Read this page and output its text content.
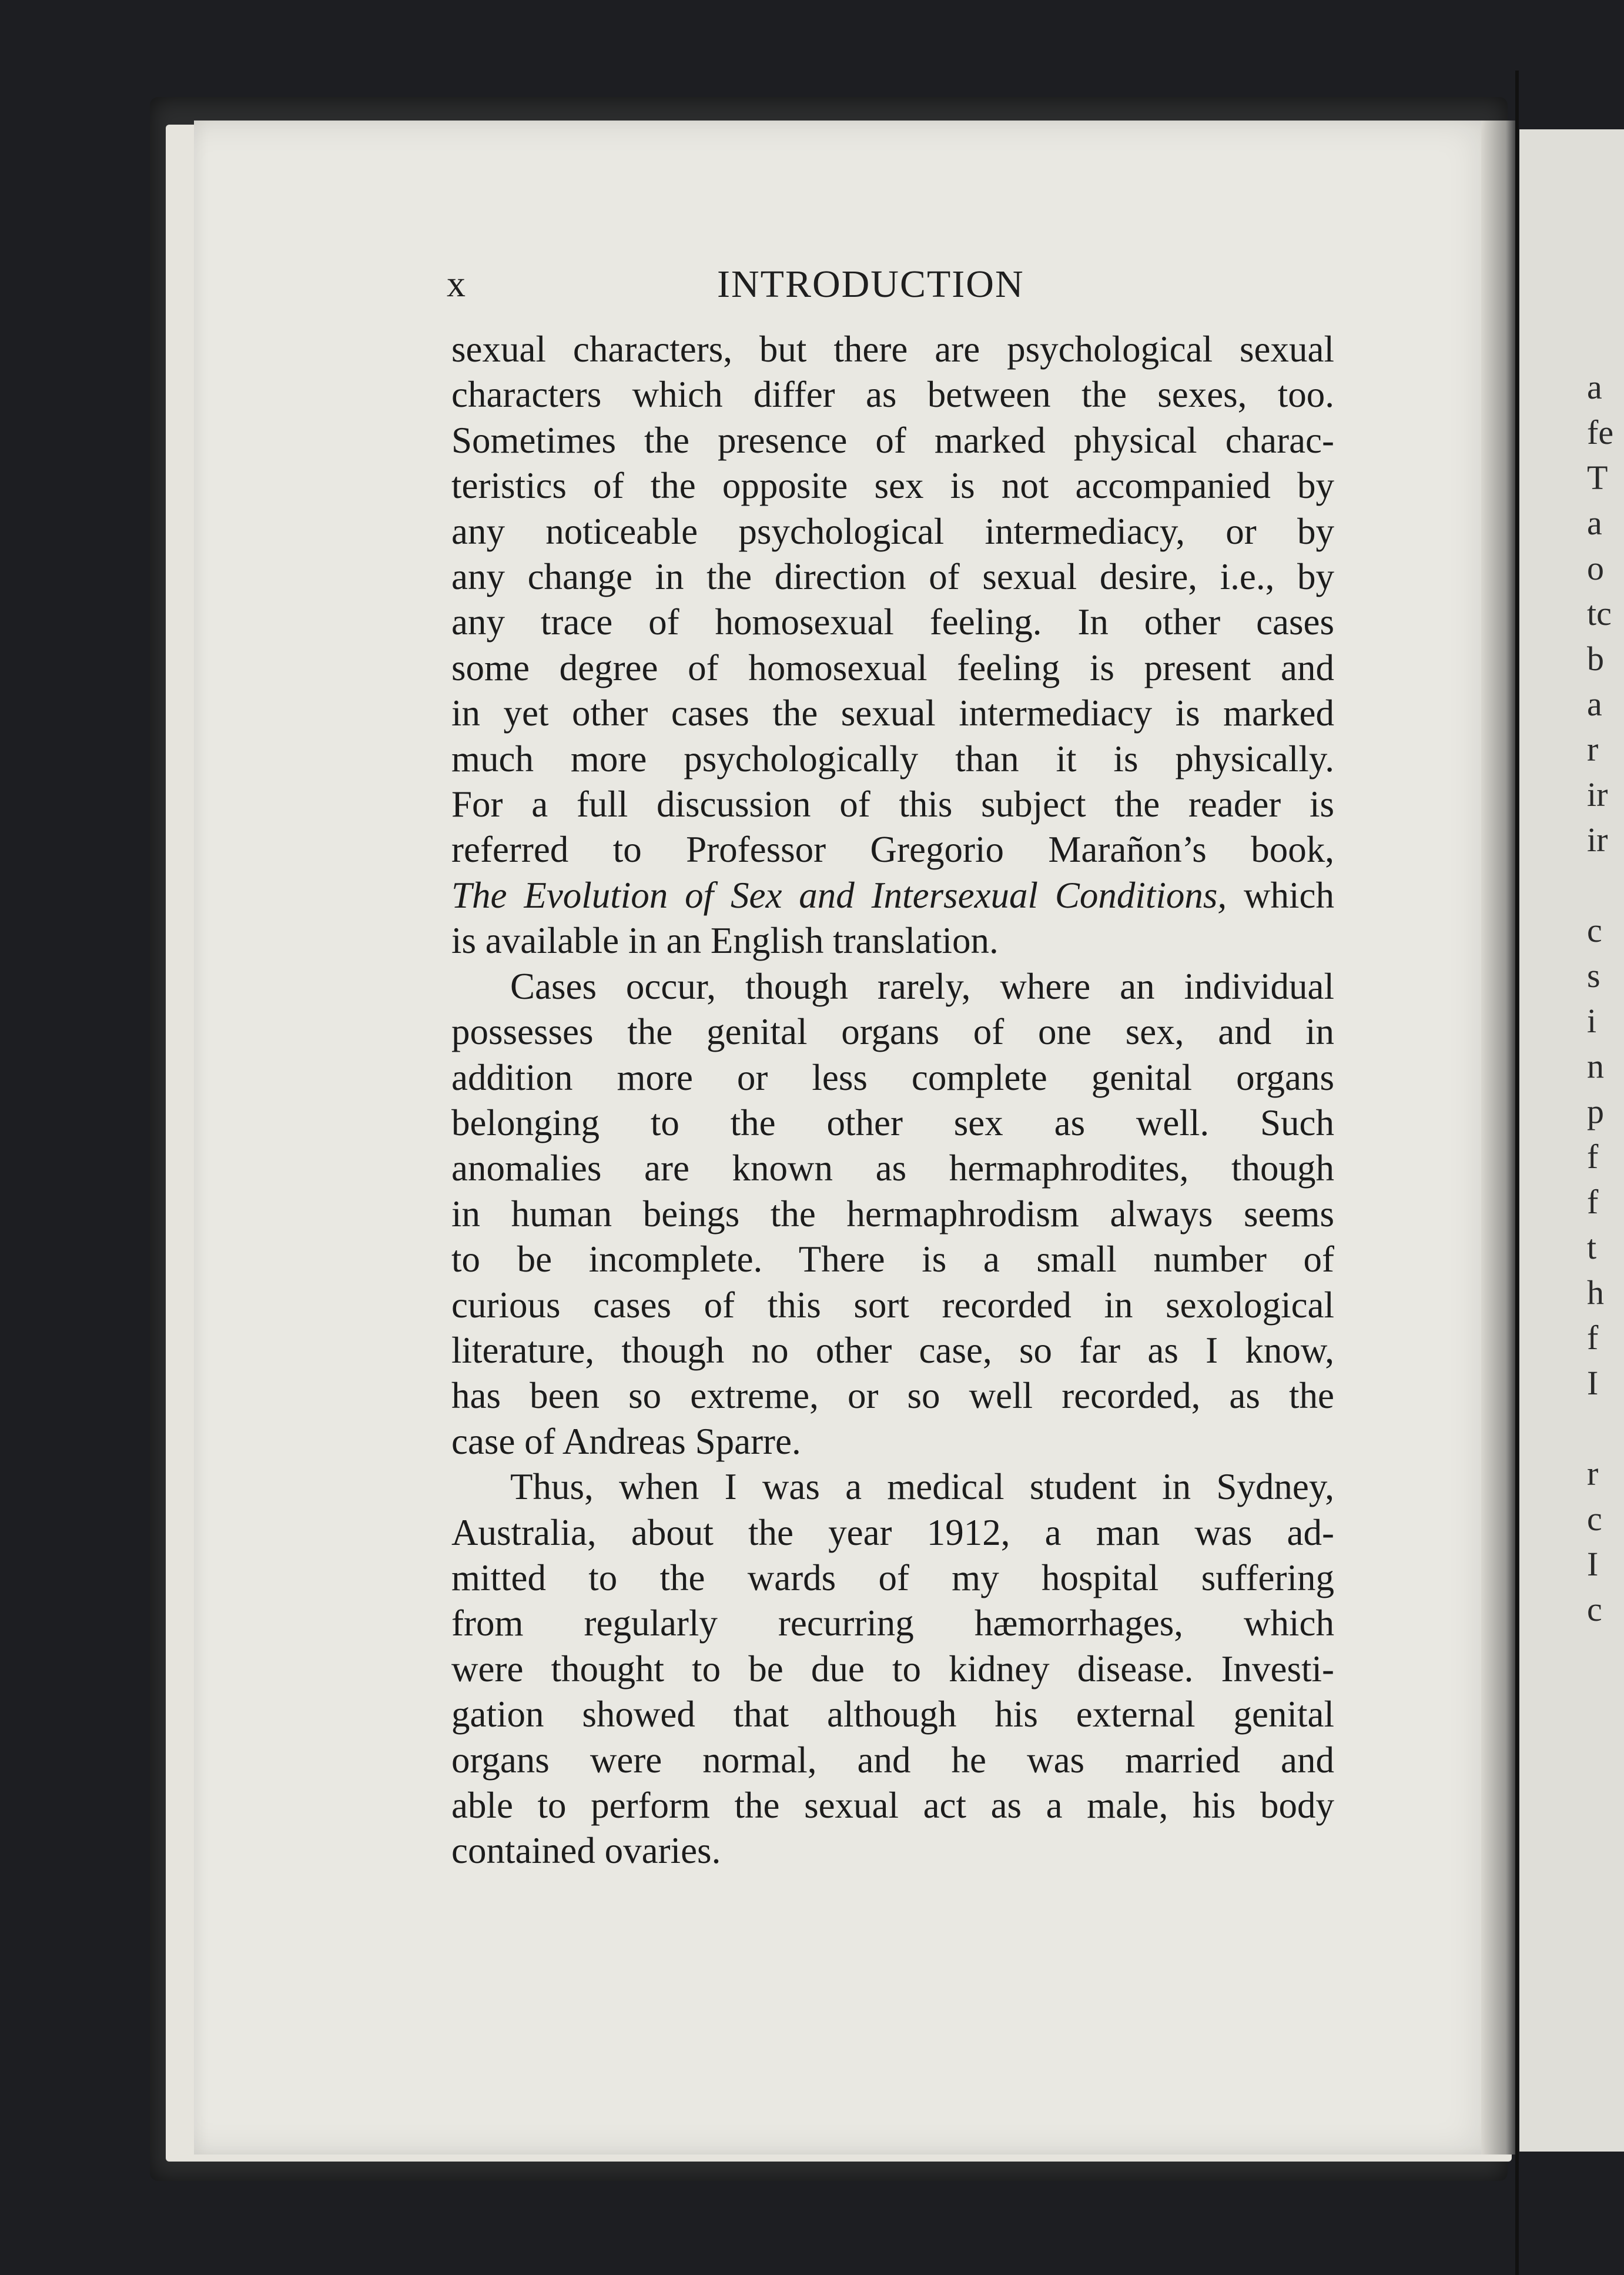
x	INTRODUCTION
sexual characters, but there are psychological sexual
characters which differ as between the sexes, too.
Sometimes the presence of marked physical charac-
teristics of the opposite sex is not accompanied by
any noticeable psychological intermediacy, or by
any change in the direction of sexual desire, i.e., by
any trace of homosexual feeling. In other cases
some degree of homosexual feeling is present and
in yet other cases the sexual intermediacy is marked
much more psychologically than it is physically.
For a full discussion of this subject the reader is
referred to Professor Gregorio Marañon’s book,
The Evolution of Sex and Intersexual Conditions, which
is available in an English translation.
Cases occur, though rarely, where an individual
possesses the genital organs of one sex, and in
addition more or less complete genital organs
belonging to the other sex as well. Such
anomalies are known as hermaphrodites, though
in human beings the hermaphrodism always seems
to be incomplete. There is a small number of
curious cases of this sort recorded in sexological
literature, though no other case, so far as I know,
has been so extreme, or so well recorded, as the
case of Andreas Sparre.
Thus, when I was a medical student in Sydney,
Australia, about the year 1912, a man was ad-
mitted to the wards of my hospital suffering
from regularly recurring hæmorrhages, which
were thought to be due to kidney disease. Investi-
gation showed that although his external genital
organs were normal, and he was married and
able to perform the sexual act as a male, his body
contained ovaries.
a
fe
T
a
o
tc
b
a
r
ir
ir

c
s
i
n
p
f
f
t
h
f
I

r
c
I
c
